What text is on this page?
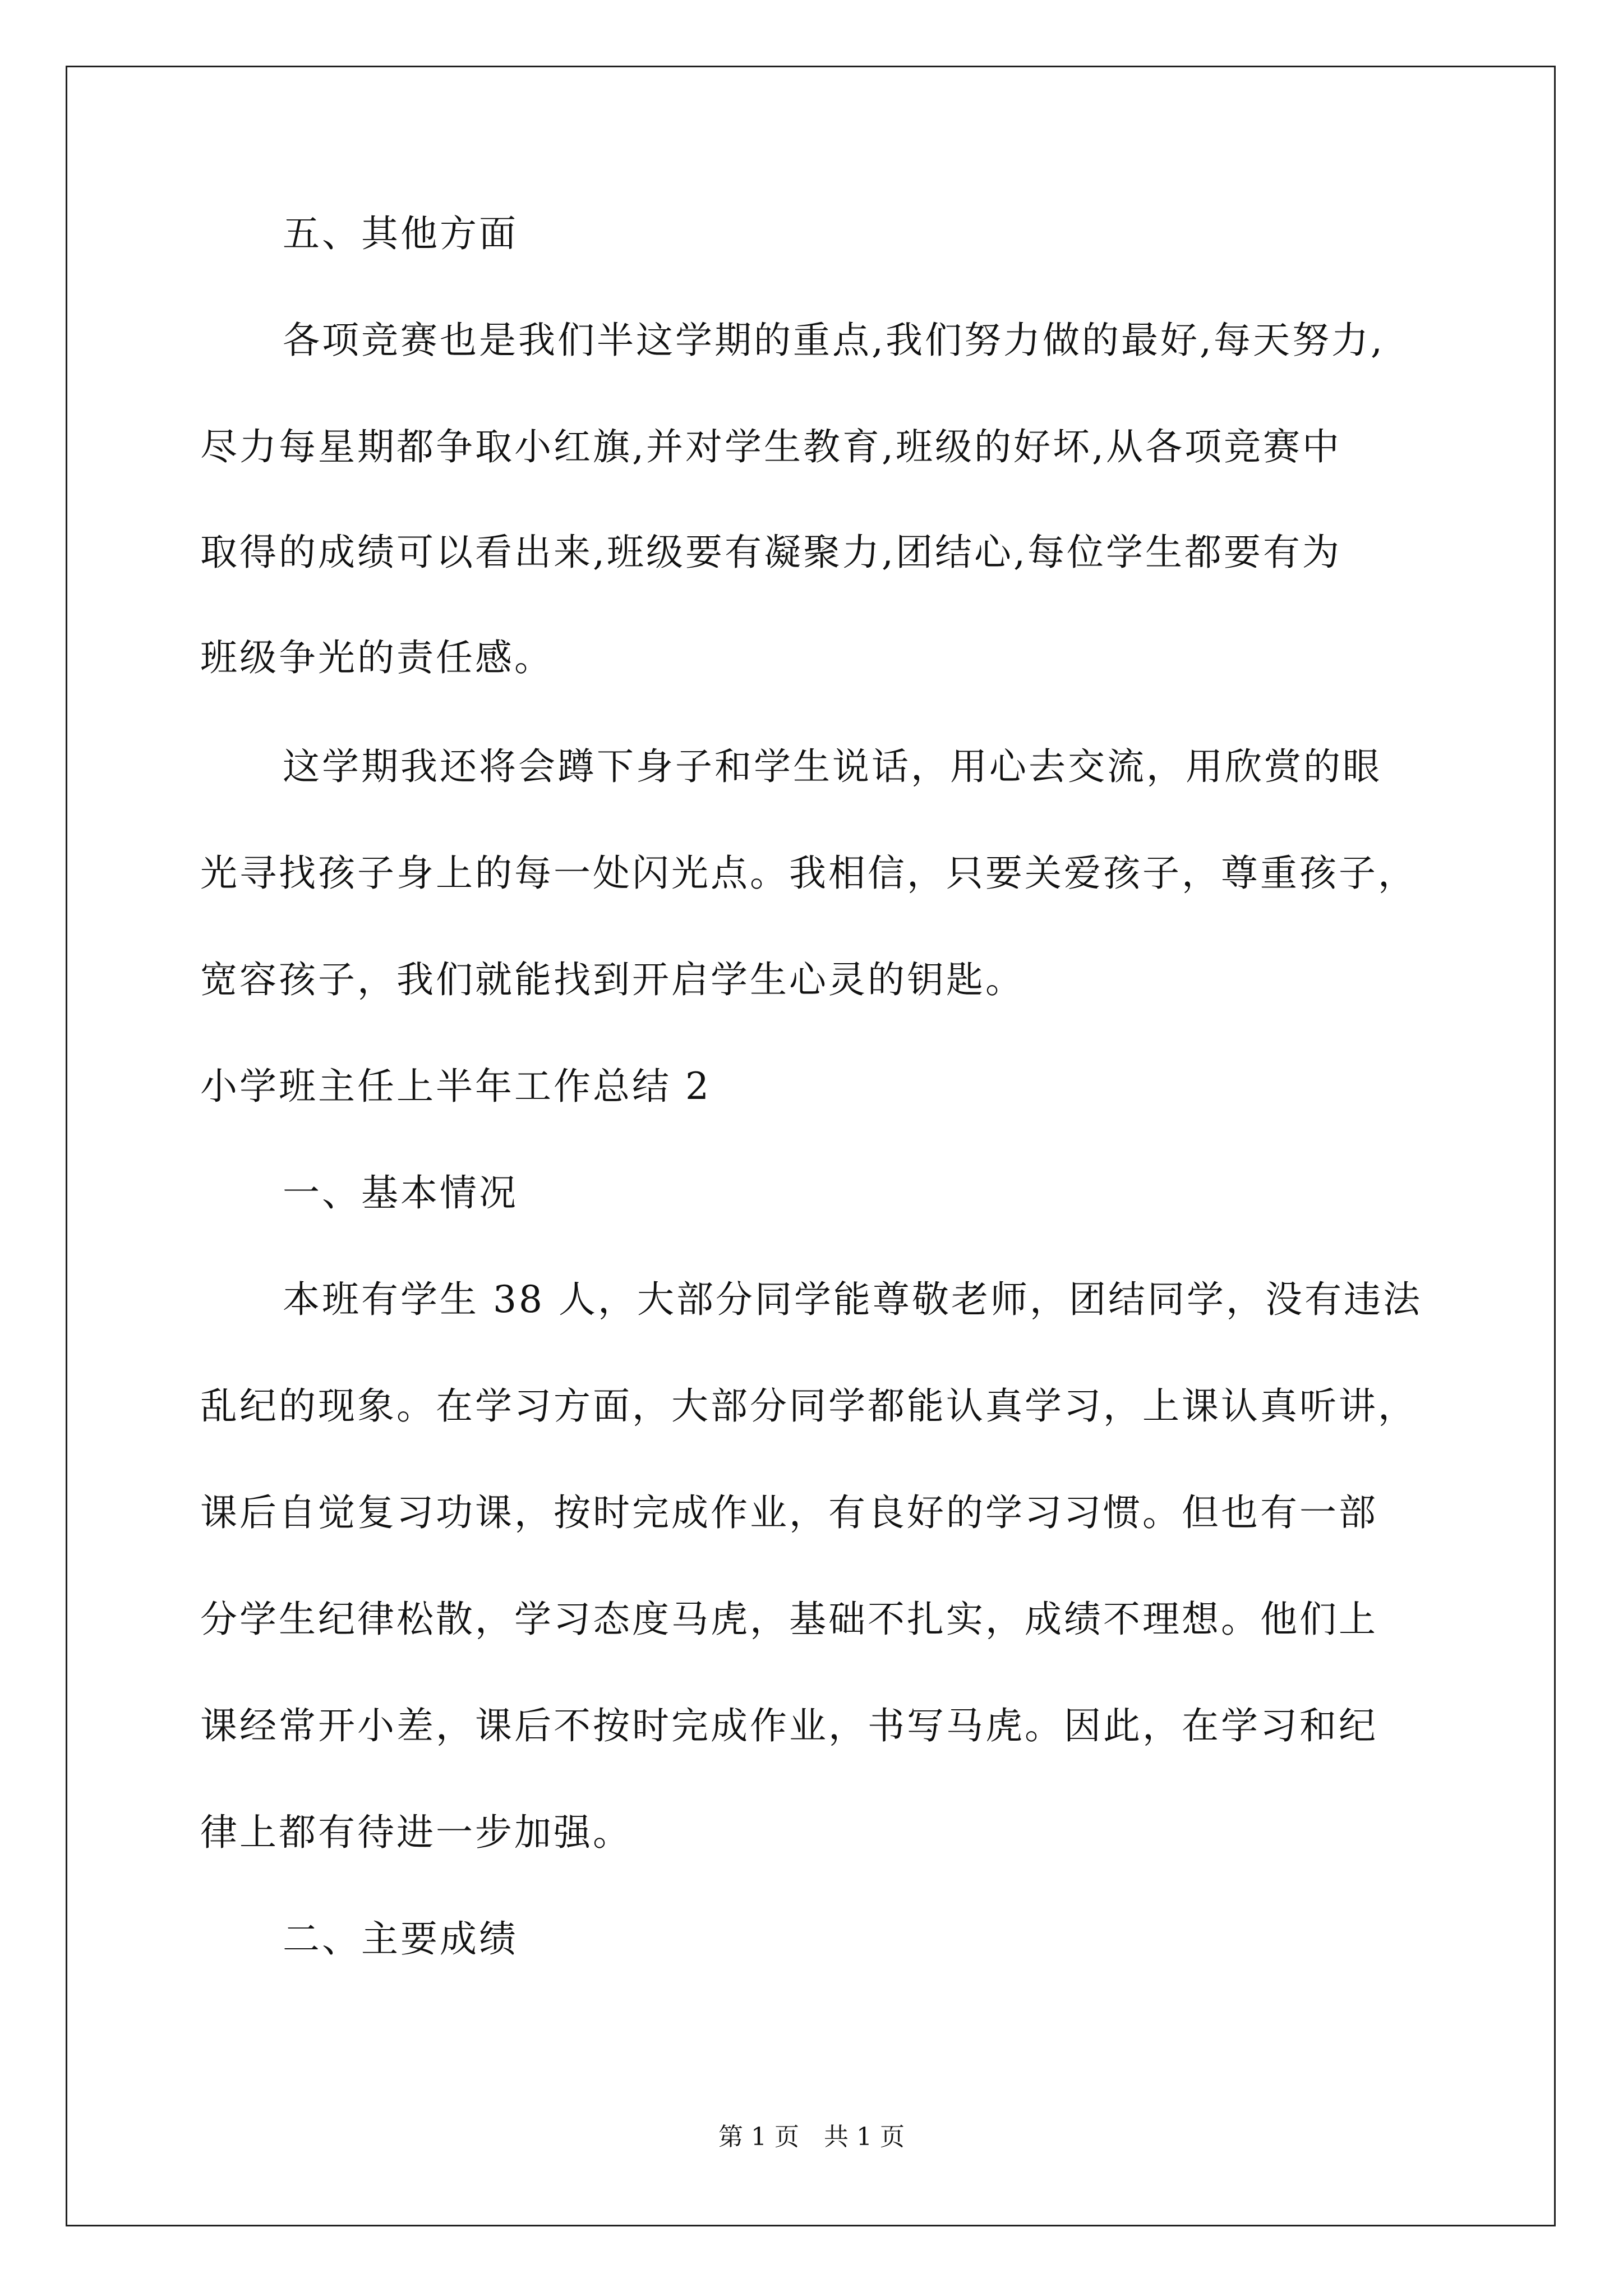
五、其他方面
各项竞赛也是我们半这学期的重点,我们努力做的最好,每天努力,
尽力每星期都争取小红旗,并对学生教育,班级的好坏,从各项竞赛中
取得的成绩可以看出来,班级要有凝聚力,团结心,每位学生都要有为
班级争光的责任感。
这学期我还将会蹲下身子和学生说话，用心去交流，用欣赏的眼
光寻找孩子身上的每一处闪光点。我相信，只要关爱孩子，尊重孩子，
宽容孩子，我们就能找到开启学生心灵的钥匙。
小学班主任上半年工作总结 2
一、基本情况
本班有学生 38 人，大部分同学能尊敬老师，团结同学，没有违法
乱纪的现象。在学习方面，大部分同学都能认真学习，上课认真听讲，
课后自觉复习功课，按时完成作业，有良好的学习习惯。但也有一部
分学生纪律松散，学习态度马虎，基础不扎实，成绩不理想。他们上
课经常开小差，课后不按时完成作业，书写马虎。因此，在学习和纪
律上都有待进一步加强。
二、主要成绩
第 1 页　共 1 页
